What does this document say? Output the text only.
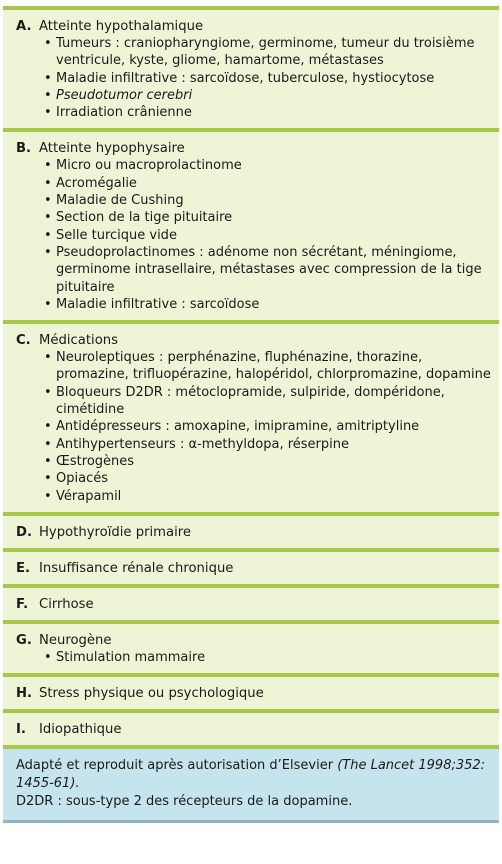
A. Atteinte hypothalamique
• Tumeurs : craniopharyngiome, germinome, tumeur du troisième ventricule, kyste, gliome, hamartome, métastases
• Maladie infiltrative : sarcoïdose, tuberculose, hystiocytose
• Pseudotumor cerebri
• Irradiation crânienne
B. Atteinte hypophysaire
• Micro ou macroprolactinome
• Acromégalie
• Maladie de Cushing
• Section de la tige pituitaire
• Selle turcique vide
• Pseudoprolactinomes : adénome non sécrétant, méningiome, germinome intrasellaire, métastases avec compression de la tige pituitaire
• Maladie infiltrative : sarcoïdose
C. Médications
• Neuroleptiques : perphénazine, fluphénazine, thorazine, promazine, trifluopérazine, halopéridol, chlorpromazine, dopamine
• Bloqueurs D2DR : métoclopramide, sulpiride, dompéridone, cimétidine
• Antidépresseurs : amoxapine, imipramine, amitriptyline
• Antihypertenseurs : α-methyldopa, réserpine
• Œstrogènes
• Opiacés
• Vérapamil
D. Hypothyroïdie primaire
E. Insuffisance rénale chronique
F. Cirrhose
G. Neurogène
• Stimulation mammaire
H. Stress physique ou psychologique
I. Idiopathique
Adapté et reproduit après autorisation d’Elsevier (The Lancet 1998;352: 1455-61).
D2DR : sous-type 2 des récepteurs de la dopamine.
